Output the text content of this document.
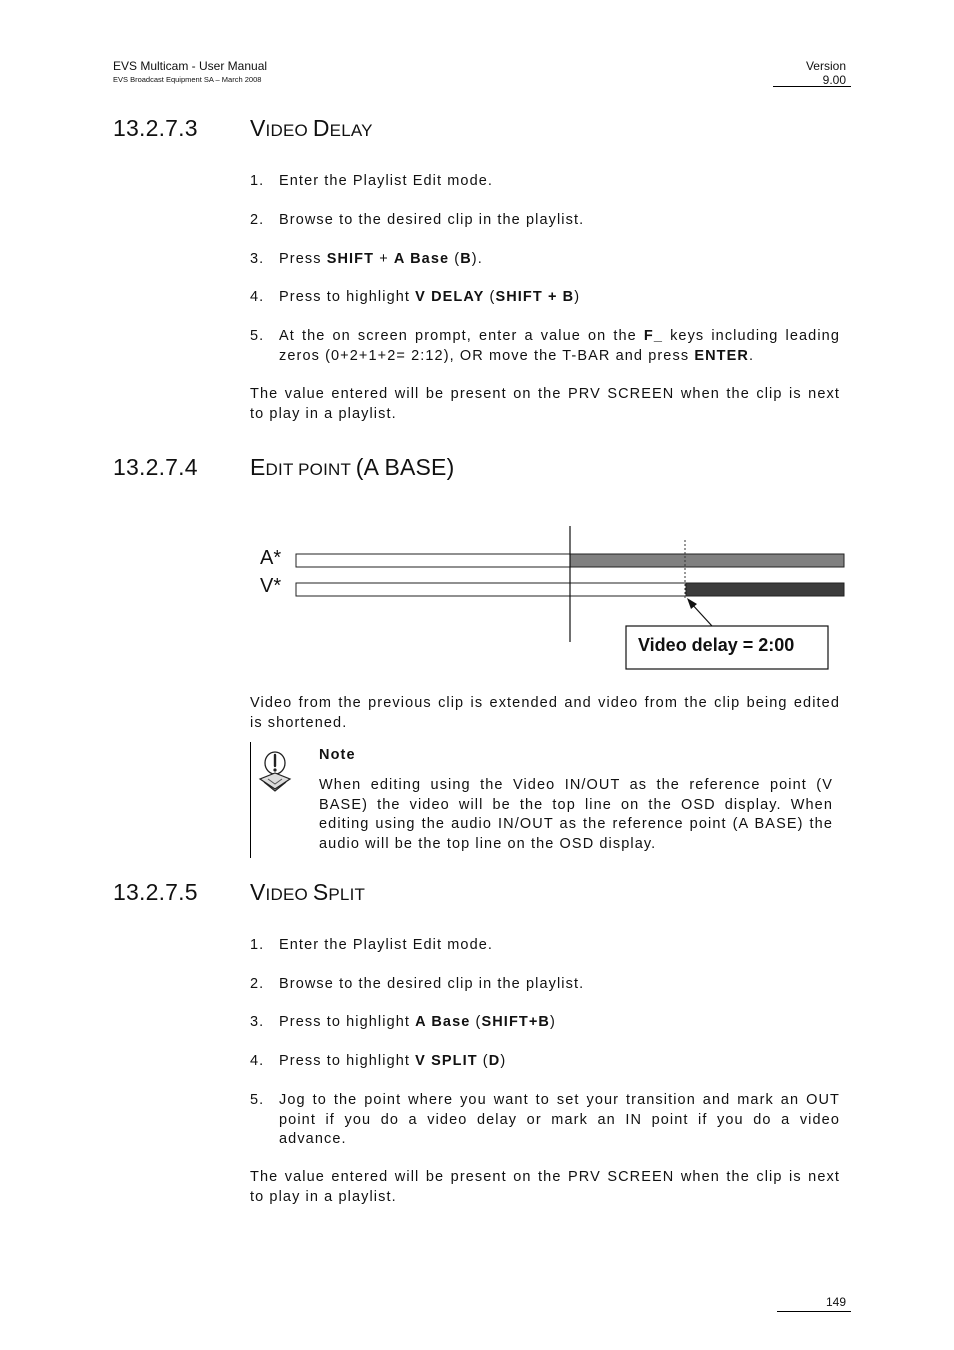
EVS Multicam - User Manual
EVS Broadcast Equipment SA – March 2008
Version 9.00
13.2.7.3 VIDEO DELAY
1. Enter the Playlist Edit mode.
2. Browse to the desired clip in the playlist.
3. Press SHIFT + A Base (B).
4. Press to highlight V DELAY (SHIFT + B)
5. At the on screen prompt, enter a value on the F_ keys including leading zeros (0+2+1+2= 2:12), OR move the T-BAR and press ENTER.
The value entered will be present on the PRV SCREEN when the clip is next to play in a playlist.
13.2.7.4 EDIT POINT (A BASE)
A*
V*
Video delay = 2:00
Video from the previous clip is extended and video from the clip being edited is shortened.
Note
When editing using the Video IN/OUT as the reference point (V BASE) the video will be the top line on the OSD display. When editing using the audio IN/OUT as the reference point (A BASE) the audio will be the top line on the OSD display.
13.2.7.5 VIDEO SPLIT
1. Enter the Playlist Edit mode.
2. Browse to the desired clip in the playlist.
3. Press to highlight A Base (SHIFT+B)
4. Press to highlight V SPLIT (D)
5. Jog to the point where you want to set your transition and mark an OUT point if you do a video delay or mark an IN point if you do a video advance.
The value entered will be present on the PRV SCREEN when the clip is next to play in a playlist.
149
